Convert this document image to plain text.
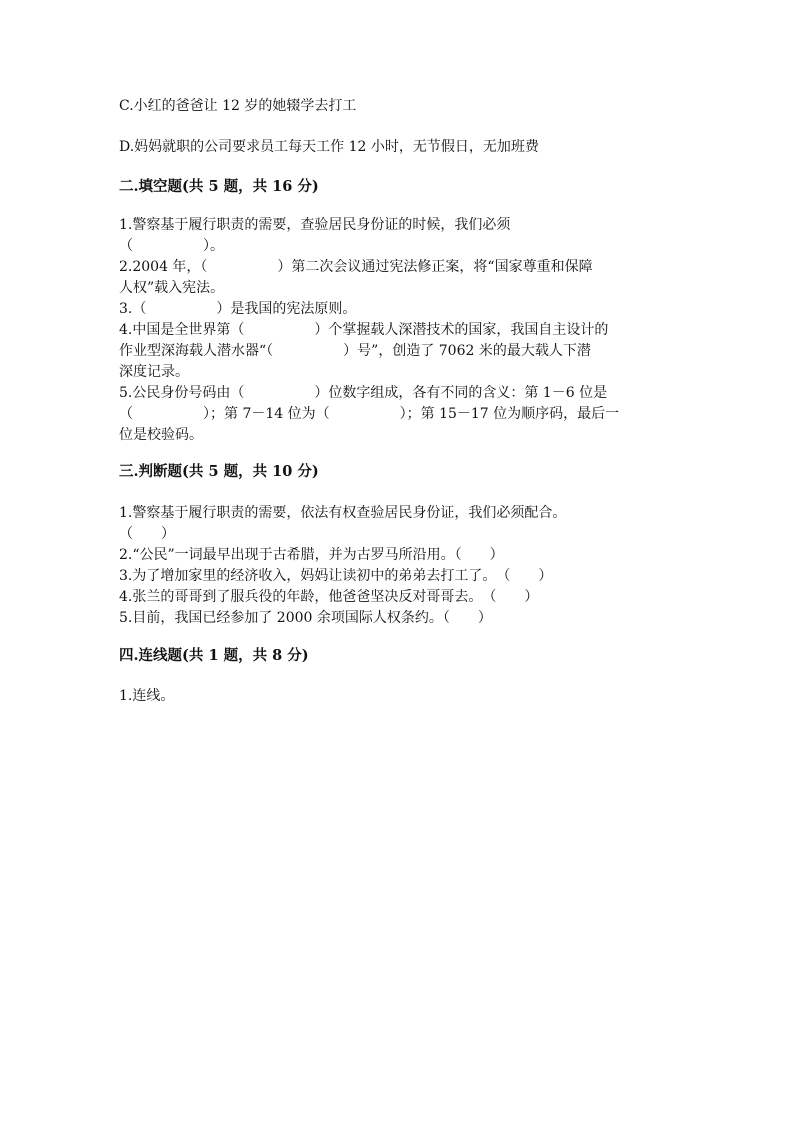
C.小红的爸爸让 12 岁的她辍学去打工
D.妈妈就职的公司要求员工每天工作 12 小时，无节假日，无加班费
二.填空题(共 5 题，共 16 分)
1.警察基于履行职责的需要，查验居民身份证的时候，我们必须
（　　　　　）。
2.2004 年，（　　　　　）第二次会议通过宪法修正案，将“国家尊重和保障
人权”载入宪法。
3.（　　　　　）是我国的宪法原则。
4.中国是全世界第（　　　　　）个掌握载人深潜技术的国家，我国自主设计的
作业型深海载人潜水器“（　　　　　）号”，创造了 7062 米的最大载人下潜
深度记录。
5.公民身份号码由（　　　　　）位数字组成，各有不同的含义：第 1－6 位是
（　　　　　）；第 7－14 位为（　　　　　）；第 15－17 位为顺序码，最后一
位是校验码。
三.判断题(共 5 题，共 10 分)
1.警察基于履行职责的需要，依法有权查验居民身份证，我们必须配合。
（　　）
2.“公民”一词最早出现于古希腊，并为古罗马所沿用。（　　）
3.为了增加家里的经济收入，妈妈让读初中的弟弟去打工了。　（　　）
4.张兰的哥哥到了服兵役的年龄，他爸爸坚决反对哥哥去。　（　　）
5.目前，我国已经参加了 2000 余项国际人权条约。（　　）
四.连线题(共 1 题，共 8 分)
1.连线。
